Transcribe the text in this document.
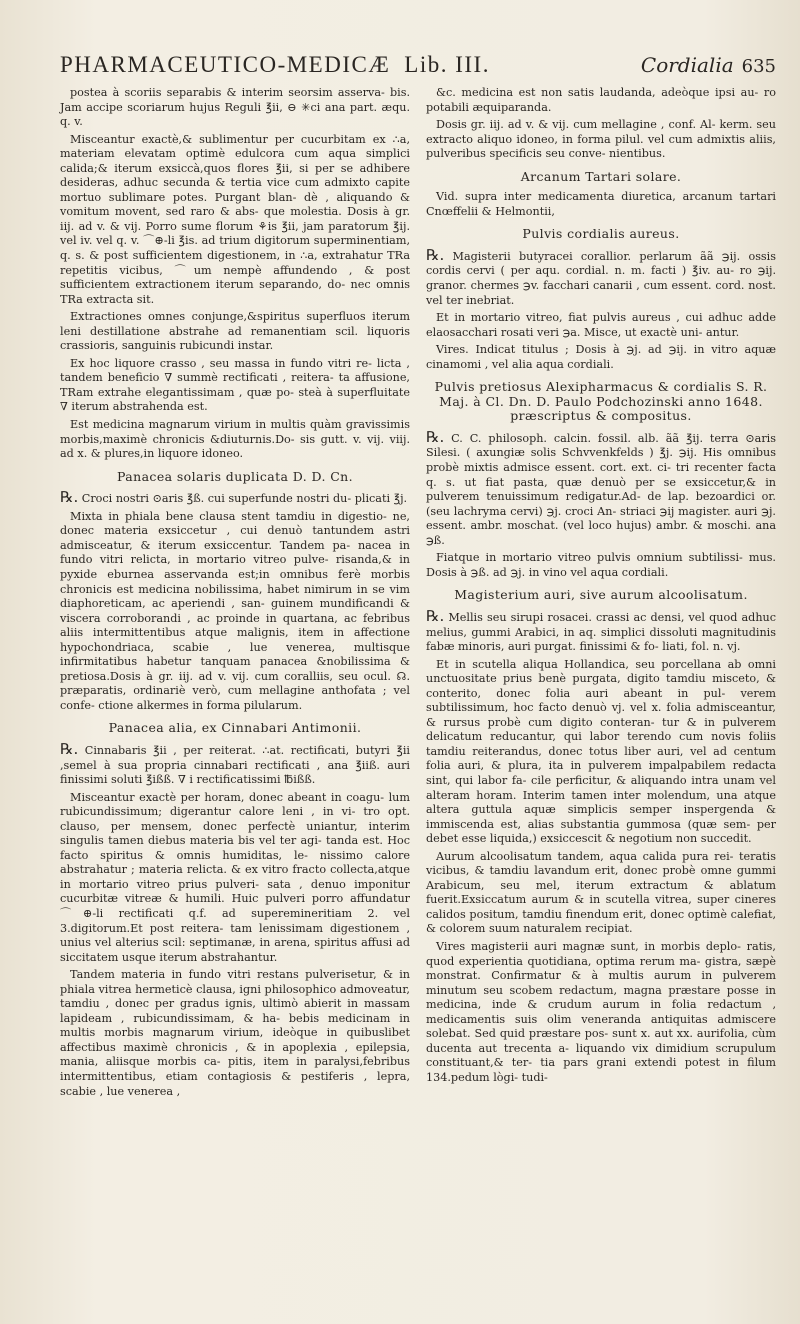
PHARMACEUTICO-MEDICÆ Lib. III.	Cordialia 635

postea à scoriis separabis & interim seorsim asserva- bis. Jam accipe scoriarum hujus Reguli ℥ii, ⊖ ✳ci ana part. æqu. q. v.

Misceantur exactè,& sublimentur per cucurbitam ex ∴a, materiam elevatam optimè edulcora cum aqua simplici calida;& iterum exsiccà,quos flores ℥ii, si per se adhibere desideras, adhuc secunda & tertia vice cum admixto capite mortuo sublimare potes. Purgant blan- dè , aliquando & vomitum movent, sed raro & abs- que molestia. Dosis à gr. iij. ad v. & vij. Porro sume florum ⚘is ℥ii, jam paratorum ℥ij. vel iv. vel q. v. ⌒⊕-li ℥is. ad trium digitorum superminentiam, q. s. & post sufficientem digestionem, in ∴a, extrahatur TRa repetitis vicibus, ⌒um nempè affundendo , & post sufficientem extractionem iterum separando, do- nec omnis TRa extracta sit.

Extractiones omnes conjunge,&spiritus superfluos iterum leni destillatione abstrahe ad remanentiam scil. liquoris crassioris, sanguinis rubicundi instar.

Ex hoc liquore crasso , seu massa in fundo vitri re- licta , tandem beneficio ∇ summè rectificati , reitera- ta affusione, TRam extrahe elegantissimam , quæ po- steà à superfluitate ∇ iterum abstrahenda est.

Est medicina magnarum virium in multis quàm gravissimis morbis,maximè chronicis &diuturnis.Do- sis gutt. v. vij. viij. ad x. & plures,in liquore idoneo.

Panacea solaris duplicata D. D. Cn.

℞. Croci nostri ⊙aris ℥ß. cui superfunde nostri du- plicati ℥j.

Mixta in phiala bene clausa stent tamdiu in digestio- ne, donec materia exsiccetur , cui denuò tantundem astri admisceatur, & iterum exsiccentur. Tandem pa- nacea in fundo vitri relicta, in mortario vitreo pulve- risanda,& in pyxide eburnea asservanda est;in omnibus ferè morbis chronicis est medicina nobilissima, habet nimirum in se vim diaphoreticam, ac aperiendi , san- guinem mundificandi & viscera corroborandi , ac proinde in quartana, ac febribus aliis intermittentibus atque malignis, item in affectione hypochondriaca, scabie , lue venerea, multisque infirmitatibus habetur tanquam panacea &nobilissima & pretiosa.Dosis à gr. iij. ad v. vij. cum coralliis, seu ocul. ☊. præparatis, ordinariè verò, cum mellagine anthofata ; vel confe- ctione alkermes in forma pilularum.

Panacea alia, ex Cinnabari Antimonii.

℞. Cinnabaris ℥ii , per reiterat. ∴at. rectificati, butyri ℥ii ,semel à sua propria cinnabari rectificati , ana ℥iiß. auri finissimi soluti ℥ißß. ∇ i rectificatissimi ℔ißß.

Misceantur exactè per horam, donec abeant in coagu- lum rubicundissimum; digerantur calore leni , in vi- tro opt. clauso, per mensem, donec perfectè uniantur, interim singulis tamen diebus materia bis vel ter agi- tanda est. Hoc facto spiritus & omnis humiditas, le- nissimo calore abstrahatur ; materia relicta. & ex vitro fracto collecta,atque in mortario vitreo prius pulveri- sata , denuo imponitur cucurbitæ vitreæ & humili. Huic pulveri porro affundatur ⌒⊕-li rectificati q.f. ad superemineritiam 2. vel 3.digitorum.Et post reitera- tam lenissimam digestionem , unius vel alterius scil: septimanæ, in arena, spiritus affusi ad siccitatem usque iterum abstrahantur.

Tandem materia in fundo vitri restans pulverisetur, & in phiala vitrea hermeticè clausa, igni philosophico admoveatur, tamdiu , donec per gradus ignis, ultimò abierit in massam lapideam , rubicundissimam, & ha- bebis medicinam in multis morbis magnarum virium, ideòque in quibuslibet affectibus maximè chronicis , & in apoplexia , epilepsia, mania, aliisque morbis ca- pitis, item in paralysi,febribus intermittentibus, etiam contagiosis & pestiferis , lepra, scabie , lue venerea ,

&c. medicina est non satis laudanda, adeòque ipsi au- ro potabili æquiparanda.

Dosis gr. iij. ad v. & vij. cum mellagine , conf. Al- kerm. seu extracto aliquo idoneo, in forma pilul. vel cum admixtis aliis, pulveribus specificis seu conve- nientibus.

Arcanum Tartari solare.

Vid. supra inter medicamenta diuretica, arcanum tartari Cnœffelii & Helmontii,

Pulvis cordialis aureus.

℞. Magisterii butyracei corallior. perlarum ãã ℈ij. ossis cordis cervi ( per aqu. cordial. n. m. facti ) ℥iv. au- ro ℈ij. granor. chermes ℈v. facchari canarii , cum essent. cord. nost. vel ter inebriat.

Et in mortario vitreo, fiat pulvis aureus , cui adhuc adde elaosacchari rosati veri ℈a. Misce, ut exactè uni- antur.

Vires. Indicat titulus ; Dosis à ℈j. ad ℈ij. in vitro aquæ cinamomi , vel alia aqua cordiali.

Pulvis pretiosus Alexipharmacus & cordialis S. R. Maj. à Cl. Dn. D. Paulo Podchozinski anno 1648. præscriptus & compositus.

℞. C. C. philosoph. calcin. fossil. alb. ãã ℥ij. terra ⊙aris Silesi. ( axungiæ solis Schvvenkfelds ) ℥j. ℈ij. His omnibus probè mixtis admisce essent. cort. ext. ci- tri recenter facta q. s. ut fiat pasta, quæ denuò per se exsiccetur,& in pulverem tenuissimum redigatur.Ad- de lap. bezoardici or. (seu lachryma cervi) ℈j. croci An- striaci ℈ij magister. auri ℈j. essent. ambr. moschat. (vel loco hujus) ambr. & moschi. ana ℈ß.

Fiatque in mortario vitreo pulvis omnium subtilissi- mus. Dosis à ℈ß. ad ℈j. in vino vel aqua cordiali.

Magisterium auri, sive aurum alcoolisatum.

℞. Mellis seu sirupi rosacei. crassi ac densi, vel quod adhuc melius, gummi Arabici, in aq. simplici dissoluti magnitudinis fabæ minoris, auri purgat. finissimi & fo- liati, fol. n. vj.

Et in scutella aliqua Hollandica, seu porcellana ab omni unctuositate prius benè purgata, digito tamdiu misceto, & conterito, donec folia auri abeant in pul- verem subtilissimum, hoc facto denuò vj. vel x. folia admisceantur, & rursus probè cum digito conteran- tur & in pulverem delicatum reducantur, qui labor terendo cum novis foliis tamdiu reiterandus, donec totus liber auri, vel ad centum folia auri, & plura, ita in pulverem impalpabilem redacta sint, qui labor fa- cile perficitur, & aliquando intra unam vel alteram horam. Interim tamen inter molendum, una atque altera guttula aquæ simplicis semper inspergenda & immiscenda est, alias substantia gummosa (quæ sem- per debet esse liquida,) exsiccescit & negotium non succedit.

Aurum alcoolisatum tandem, aqua calida pura rei- teratis vicibus, & tamdiu lavandum erit, donec probè omne gummi Arabicum, seu mel, iterum extractum & ablatum fuerit.Exsiccatum aurum & in scutella vitrea, super cineres calidos positum, tamdiu finendum erit, donec optimè calefiat, & colorem suum naturalem recipiat.

Vires magisterii auri magnæ sunt, in morbis deplo- ratis, quod experientia quotidiana, optima rerum ma- gistra, sæpè monstrat. Confirmatur & à multis aurum in pulverem minutum seu scobem redactum, magna præstare posse in medicina, inde & crudum aurum in folia redactum , medicamentis suis olim veneranda antiquitas admiscere solebat. Sed quid præstare pos- sunt x. aut xx. aurifolia, cùm ducenta aut trecenta a- liquando vix dimidium scrupulum constituant,& ter- tia pars grani extendi potest in filum 134.pedum lògi- tudi-
